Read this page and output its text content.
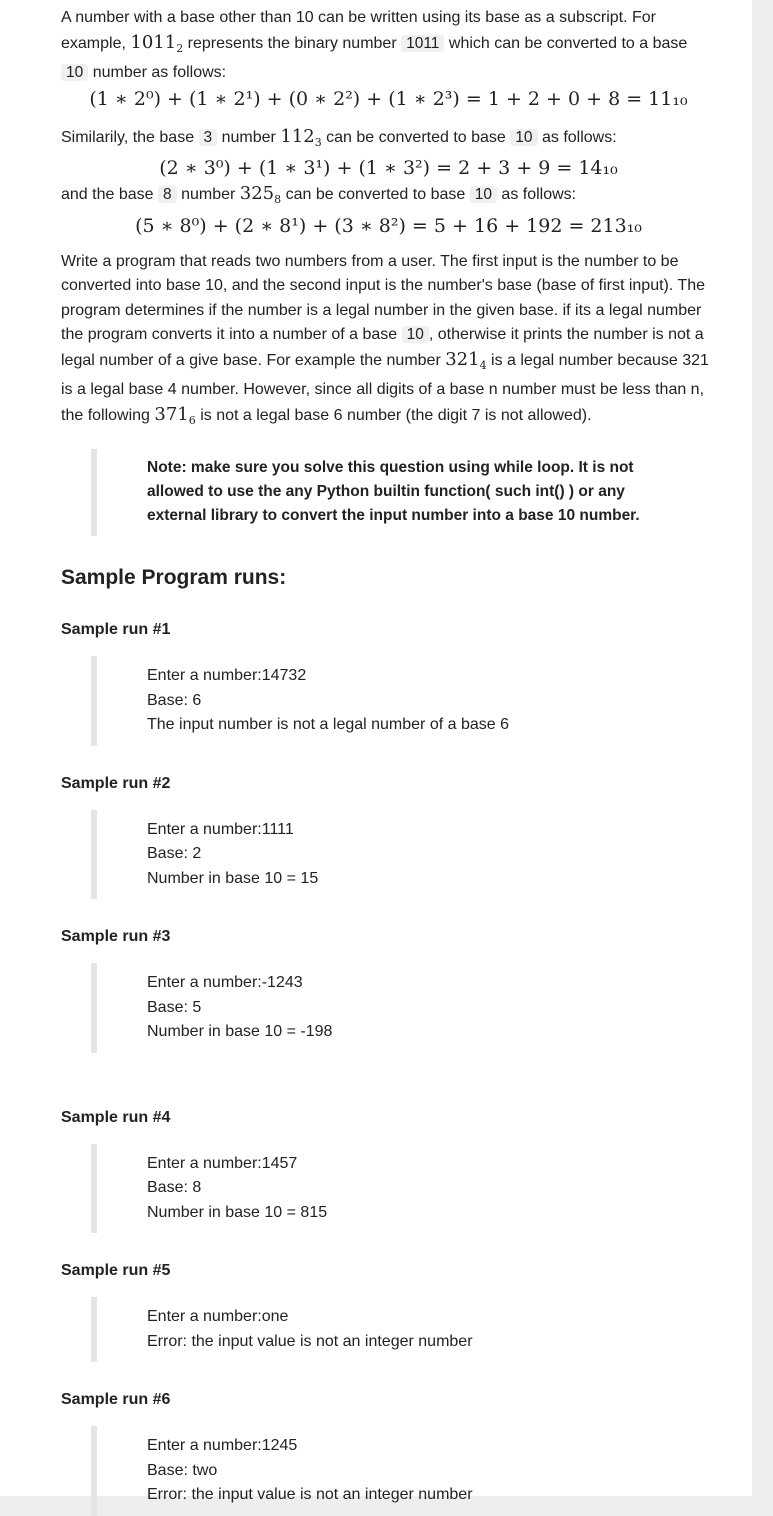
A number with a base other than 10 can be written using its base as a subscript. For example, $1011_2$ represents the binary number 1011 which can be converted to a base 10 number as follows:

(1 ∗ 2⁰) + (1 ∗ 2¹) + (0 ∗ 2²) + (1 ∗ 2³) = 1 + 2 + 0 + 8 = 11₁₀

Similarily, the base 3 number $112_3$ can be converted to base 10 as follows:

(2 ∗ 3⁰) + (1 ∗ 3¹) + (1 ∗ 3²) = 2 + 3 + 9 = 14₁₀

and the base 8 number $325_8$ can be converted to base 10 as follows:

(5 ∗ 8⁰) + (2 ∗ 8¹) + (3 ∗ 8²) = 5 + 16 + 192 = 213₁₀

Write a program that reads two numbers from a user. The first input is the number to be converted into base 10, and the second input is the number's base (base of first input). The program determines if the number is a legal number in the given base. if its a legal number the program converts it into a number of a base 10 , otherwise it prints the number is not a legal number of a give base. For example the number $321_4$ is a legal number because 321 is a legal base 4 number. However, since all digits of a base n number must be less than n, the following $371_6$ is not a legal base 6 number (the digit 7 is not allowed).

Note: make sure you solve this question using while loop. It is not allowed to use the any Python builtin function( such int() ) or any external library to convert the input number into a base 10 number.
Sample Program runs:
Sample run #1
Enter a number:14732
Base: 6
The input number is not a legal number of a base 6
Sample run #2
Enter a number:1111
Base: 2
Number in base 10 = 15
Sample run #3
Enter a number:-1243
Base: 5
Number in base 10 = -198
Sample run #4
Enter a number:1457
Base: 8
Number in base 10 = 815
Sample run #5
Enter a number:one
Error: the input value is not an integer number
Sample run #6
Enter a number:1245
Base: two
Error: the input value is not an integer number
